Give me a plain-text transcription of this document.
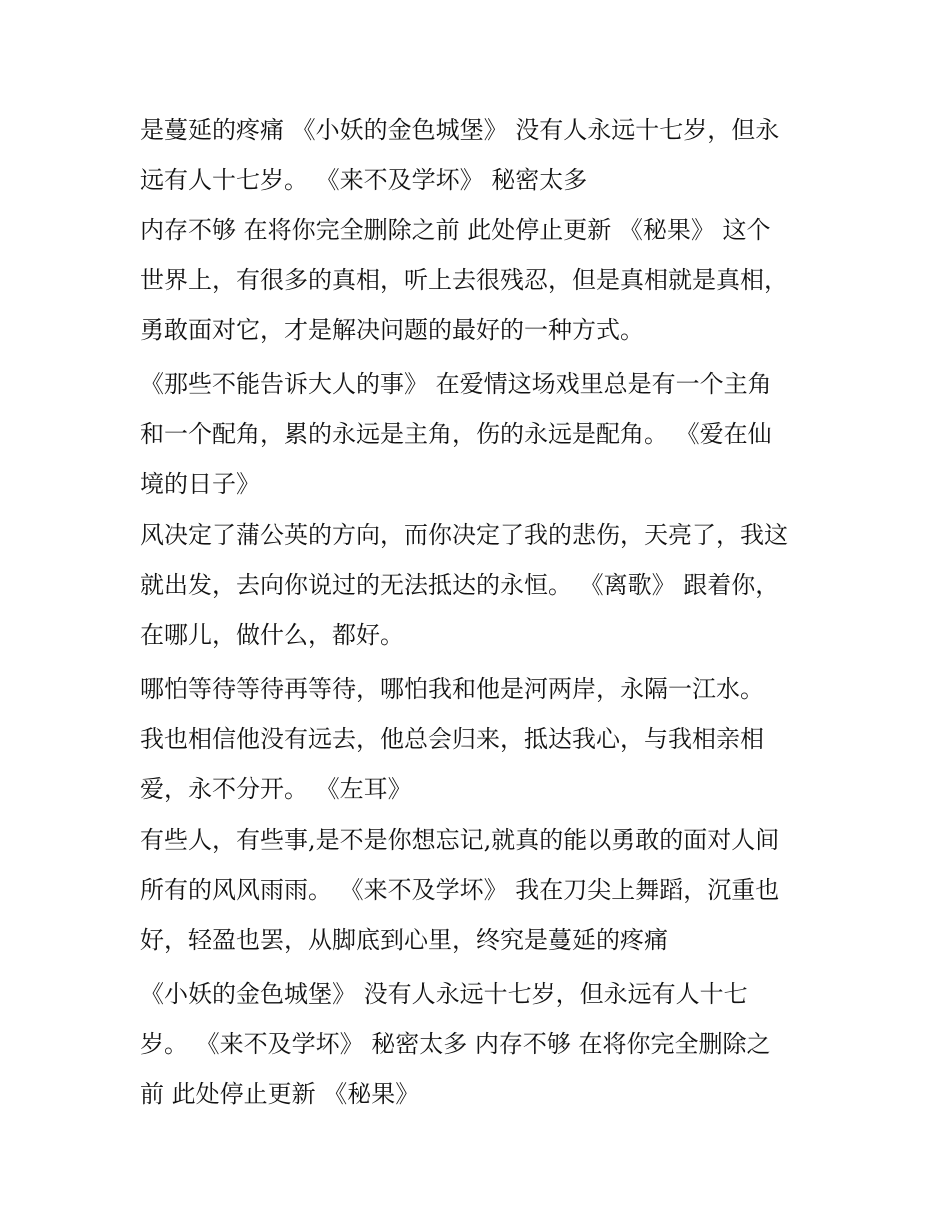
是蔓延的疼痛 《小妖的金色城堡》 没有人永远十七岁，但永
远有人十七岁。 《来不及学坏》 秘密太多
内存不够 在将你完全删除之前 此处停止更新 《秘果》 这个
世界上，有很多的真相，听上去很残忍，但是真相就是真相，
勇敢面对它，才是解决问题的最好的一种方式。
《那些不能告诉大人的事》 在爱情这场戏里总是有一个主角
和一个配角，累的永远是主角，伤的永远是配角。 《爱在仙
境的日子》
风决定了蒲公英的方向，而你决定了我的悲伤，天亮了，我这
就出发，去向你说过的无法抵达的永恒。 《离歌》 跟着你，
在哪儿，做什么，都好。
哪怕等待等待再等待，哪怕我和他是河两岸，永隔一江水。
我也相信他没有远去，他总会归来，抵达我心，与我相亲相
爱，永不分开。 《左耳》
有些人，有些事,是不是你想忘记,就真的能以勇敢的面对人间
所有的风风雨雨。 《来不及学坏》 我在刀尖上舞蹈，沉重也
好，轻盈也罢，从脚底到心里，终究是蔓延的疼痛
《小妖的金色城堡》 没有人永远十七岁，但永远有人十七
岁。 《来不及学坏》 秘密太多 内存不够 在将你完全删除之
前 此处停止更新 《秘果》
